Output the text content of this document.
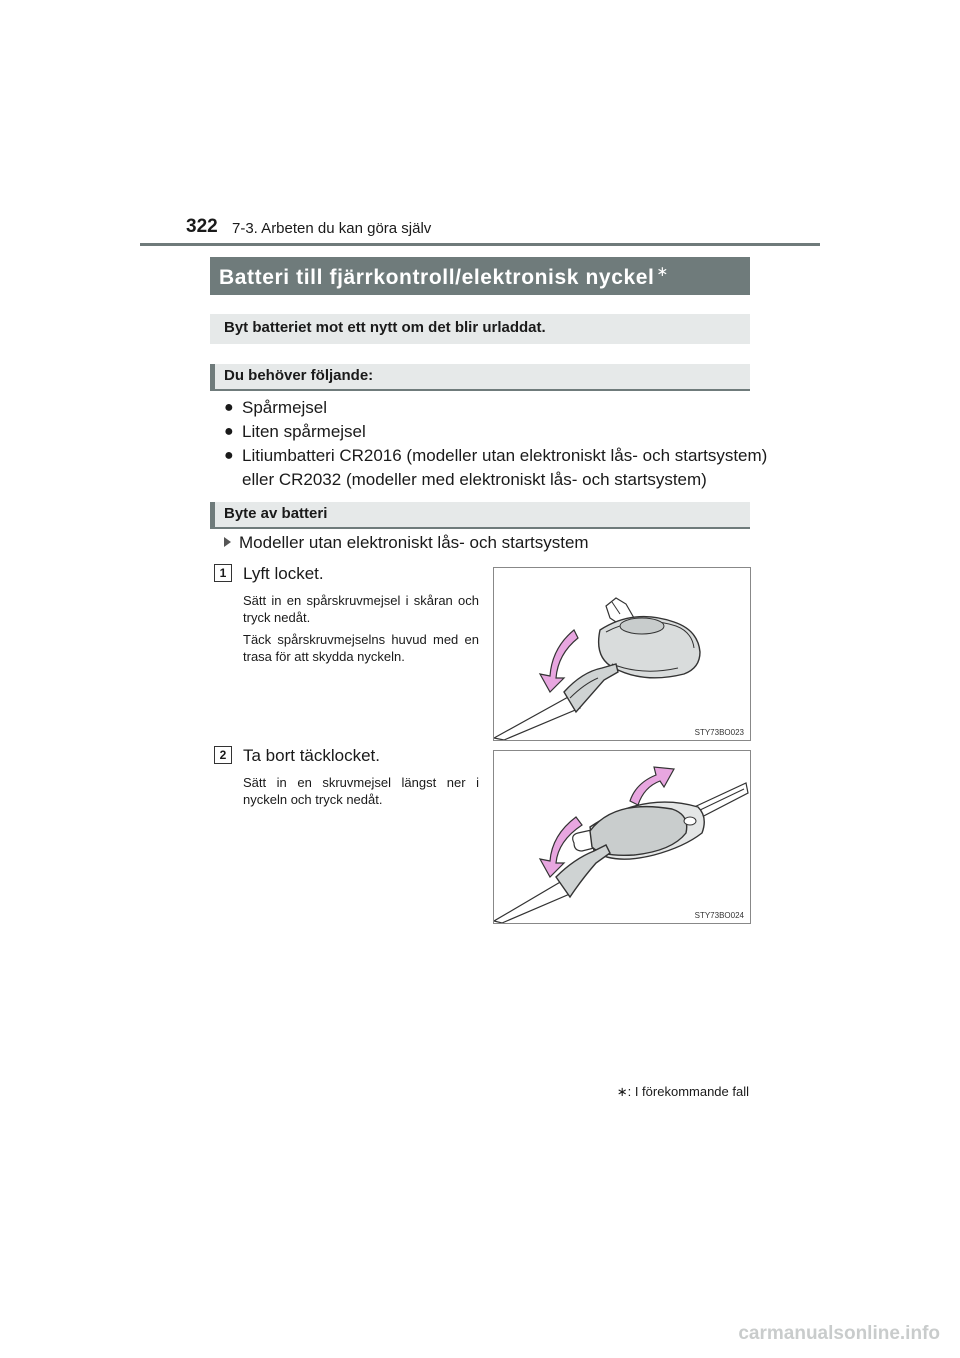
322 7-3. Arbeten du kan göra själv
Batteri till fjärrkontroll/elektronisk nyckel ∗
Byt batteriet mot ett nytt om det blir urladdat.
Du behöver följande:
● Spårmejsel
● Liten spårmejsel
● Litiumbatteri CR2016 (modeller utan elektroniskt lås- och startsystem)
eller CR2032 (modeller med elektroniskt lås- och startsystem)
Byte av batteri
Modeller utan elektroniskt lås- och startsystem
1 Lyft locket.
Sätt in en spårskruvmejsel i skåran och tryck nedåt.
Täck spårskruvmejselns huvud med en trasa för att skydda nyckeln.
STY73BO023
2 Ta bort täcklocket.
Sätt in en skruvmejsel längst ner i nyckeln och tryck nedåt.
STY73BO024
∗: I förekommande fall
carmanualsonline.info
